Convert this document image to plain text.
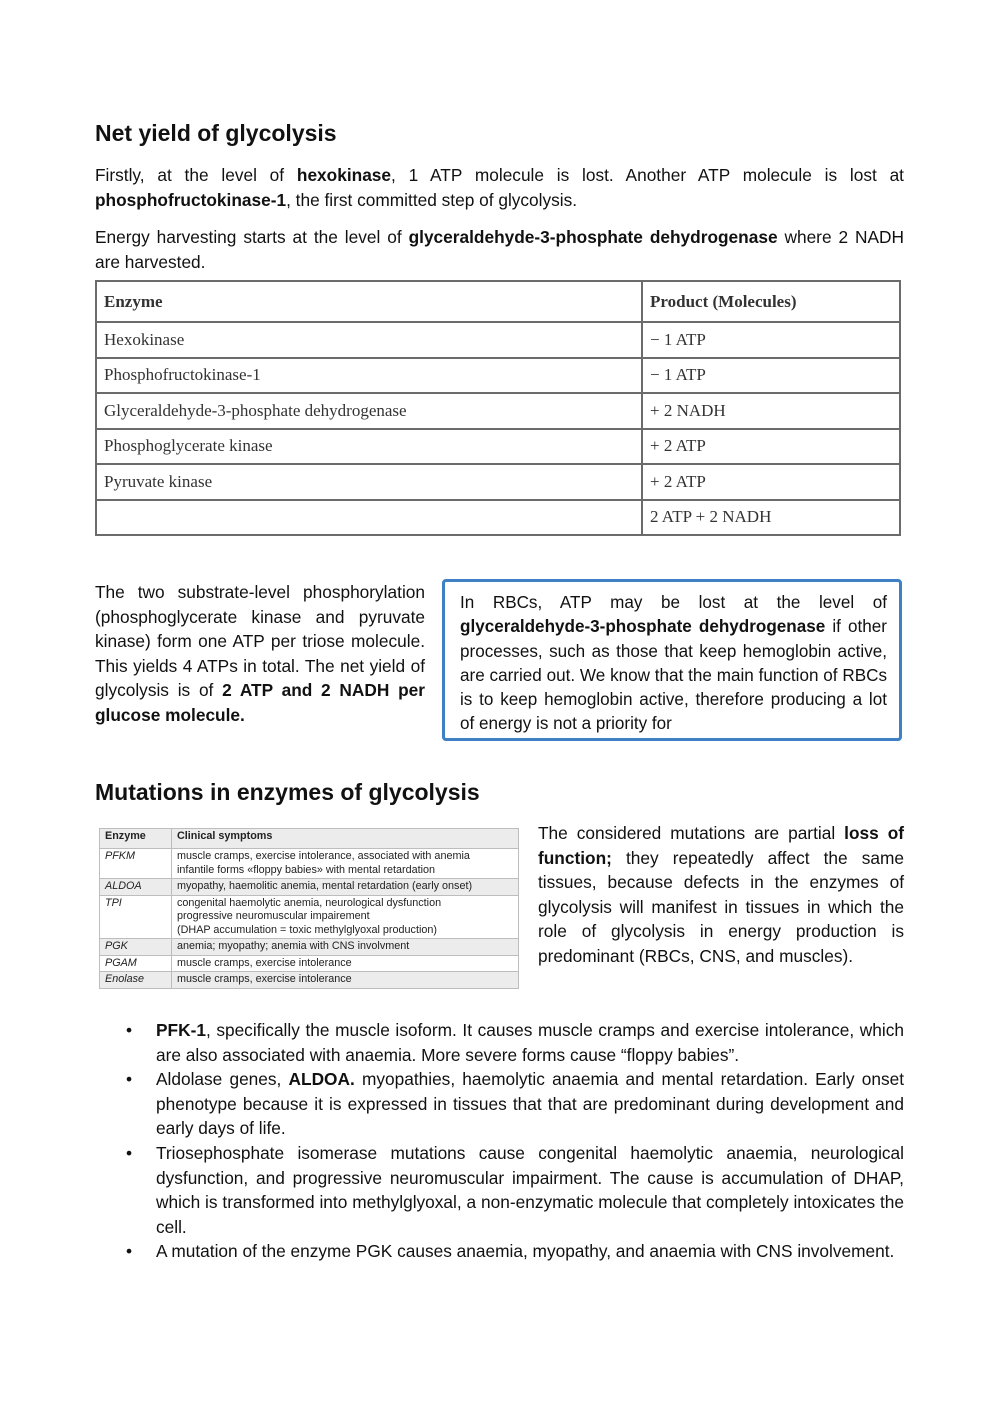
Net yield of glycolysis

Firstly, at the level of hexokinase, 1 ATP molecule is lost. Another ATP molecule is lost at phosphofructokinase-1, the first committed step of glycolysis.

Energy harvesting starts at the level of glyceraldehyde-3-phosphate dehydrogenase where 2 NADH are harvested.

Enzyme	Product (Molecules)
Hexokinase	− 1 ATP
Phosphofructokinase-1	− 1 ATP
Glyceraldehyde-3-phosphate dehydrogenase	+ 2 NADH
Phosphoglycerate kinase	+ 2 ATP
Pyruvate kinase	+ 2 ATP
	2 ATP + 2 NADH

The two substrate-level phosphorylation (phosphoglycerate kinase and pyruvate kinase) form one ATP per triose molecule. This yields 4 ATPs in total. The net yield of glycolysis is of 2 ATP and 2 NADH per glucose molecule.

In RBCs, ATP may be lost at the level of glyceraldehyde-3-phosphate dehydrogenase if other processes, such as those that keep hemoglobin active, are carried out. We know that the main function of RBCs is to keep hemoglobin active, therefore producing a lot of energy is not a priority for

Mutations in enzymes of glycolysis
Enzyme	Clinical symptoms
PFKM	muscle cramps, exercise intolerance, associated with anemia
infantile forms «floppy babies» with mental retardation

ALDOA	myopathy, haemolitic anemia, mental retardation (early onset)

TPI	congenital haemolytic anemia, neurological dysfunction
progressive neuromuscular impairement
(DHAP accumulation = toxic methylglyoxal production)

PGK	anemia; myopathy; anemia with CNS involvment

PGAM	muscle cramps, exercise intolerance

Enolase	muscle cramps, exercise intolerance

The considered mutations are partial loss of function; they repeatedly affect the same tissues, because defects in the enzymes of glycolysis will manifest in tissues in which the role of glycolysis in energy production is predominant (RBCs, CNS, and muscles).

• PFK-1, specifically the muscle isoform. It causes muscle cramps and exercise intolerance, which are also associated with anaemia. More severe forms cause “floppy babies”.
• Aldolase genes, ALDOA. myopathies, haemolytic anaemia and mental retardation. Early onset phenotype because it is expressed in tissues that that are predominant during development and early days of life.
• Triosephosphate isomerase mutations cause congenital haemolytic anaemia, neurological dysfunction, and progressive neuromuscular impairment. The cause is accumulation of DHAP, which is transformed into methylglyoxal, a non-enzymatic molecule that completely intoxicates the cell.
• A mutation of the enzyme PGK causes anaemia, myopathy, and anaemia with CNS involvement.
